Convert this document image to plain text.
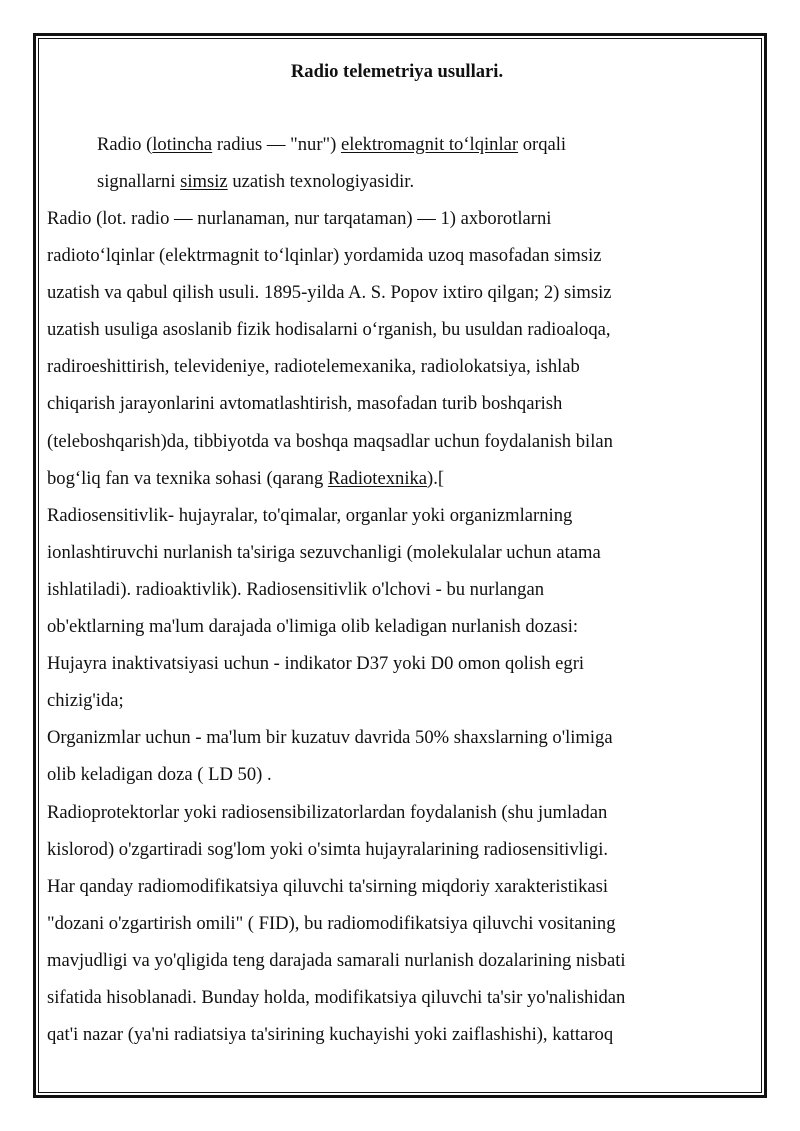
Radio telemetriya usullari.

Radio (lotincha radius — "nur") elektromagnit to‘lqinlar orqali
signallarni simsiz uzatish texnologiyasidir.

Radio (lot. radio — nurlanaman, nur tarqataman) — 1) axborotlarni

radioto‘lqinlar (elektrmagnit to‘lqinlar) yordamida uzoq masofadan simsiz

uzatish va qabul qilish usuli. 1895-yilda A. S. Popov ixtiro qilgan; 2) simsiz

uzatish usuliga asoslanib fizik hodisalarni o‘rganish, bu usuldan radioaloqa,

radiroeshittirish, televideniye, radiotelemexanika, radiolokatsiya, ishlab

chiqarish jarayonlarini avtomatlashtirish, masofadan turib boshqarish

(teleboshqarish)da, tibbiyotda va boshqa maqsadlar uchun foydalanish bilan

bog‘liq fan va texnika sohasi (qarang Radiotexnika).[

Radiosensitivlik- hujayralar, to'qimalar, organlar yoki organizmlarning

ionlashtiruvchi nurlanish ta'siriga sezuvchanligi (molekulalar uchun atama

ishlatiladi). radioaktivlik). Radiosensitivlik o'lchovi - bu nurlangan

ob'ektlarning ma'lum darajada o'limiga olib keladigan nurlanish dozasi:

Hujayra inaktivatsiyasi uchun - indikator D37 yoki D0 omon qolish egri

chizig'ida;

Organizmlar uchun - ma'lum bir kuzatuv davrida 50% shaxslarning o'limiga

olib keladigan doza ( LD 50) .

Radioprotektorlar yoki radiosensibilizatorlardan foydalanish (shu jumladan

kislorod) o'zgartiradi sog'lom yoki o'simta hujayralarining radiosensitivligi.

Har qanday radiomodifikatsiya qiluvchi ta'sirning miqdoriy xarakteristikasi

"dozani o'zgartirish omili" ( FID), bu radiomodifikatsiya qiluvchi vositaning

mavjudligi va yo'qligida teng darajada samarali nurlanish dozalarining nisbati

sifatida hisoblanadi. Bunday holda, modifikatsiya qiluvchi ta'sir yo'nalishidan

qat'i nazar (ya'ni radiatsiya ta'sirining kuchayishi yoki zaiflashishi), kattaroq
